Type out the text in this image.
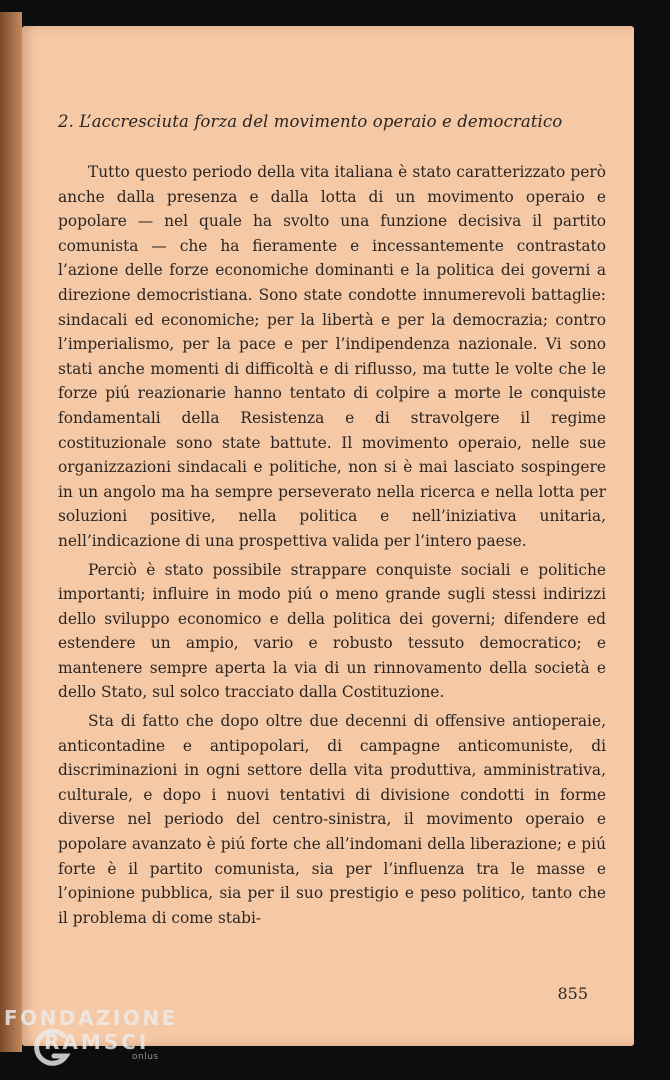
2. L’accresciuta forza del movimento operaio e democratico

Tutto questo periodo della vita italiana è stato caratterizzato però anche dalla presenza e dalla lotta di un movimento operaio e popolare — nel quale ha svolto una funzione decisiva il partito comunista — che ha fieramente e incessantemente contrastato l’azione delle forze economiche dominanti e la politica dei governi a direzione democristiana. Sono state condotte innumerevoli battaglie: sindacali ed economiche; per la libertà e per la democrazia; contro l’imperialismo, per la pace e per l’indipendenza nazionale. Vi sono stati anche momenti di difficoltà e di riflusso, ma tutte le volte che le forze piú reazionarie hanno tentato di colpire a morte le conquiste fondamentali della Resistenza e di stravolgere il regime costituzionale sono state battute. Il movimento operaio, nelle sue organizzazioni sindacali e politiche, non si è mai lasciato sospingere in un angolo ma ha sempre perseverato nella ricerca e nella lotta per soluzioni positive, nella politica e nell’iniziativa unitaria, nell’indicazione di una prospettiva valida per l’intero paese.

Perciò è stato possibile strappare conquiste sociali e politiche importanti; influire in modo piú o meno grande sugli stessi indirizzi dello sviluppo economico e della politica dei governi; difendere ed estendere un ampio, vario e robusto tessuto democratico; e mantenere sempre aperta la via di un rinnovamento della società e dello Stato, sul solco tracciato dalla Costituzione.

Sta di fatto che dopo oltre due decenni di offensive antioperaie, anticontadine e antipopolari, di campagne anticomuniste, di discriminazioni in ogni settore della vita produttiva, amministrativa, culturale, e dopo i nuovi tentativi di divisione condotti in forme diverse nel periodo del centro-sinistra, il movimento operaio e popolare avanzato è piú forte che all’indomani della liberazione; e piú forte è il partito comunista, sia per l’influenza tra le masse e l’opinione pubblica, sia per il suo prestigio e peso politico, tanto che il problema di come stabi-

855
FONDAZIONE
RAMSCI
onlus
